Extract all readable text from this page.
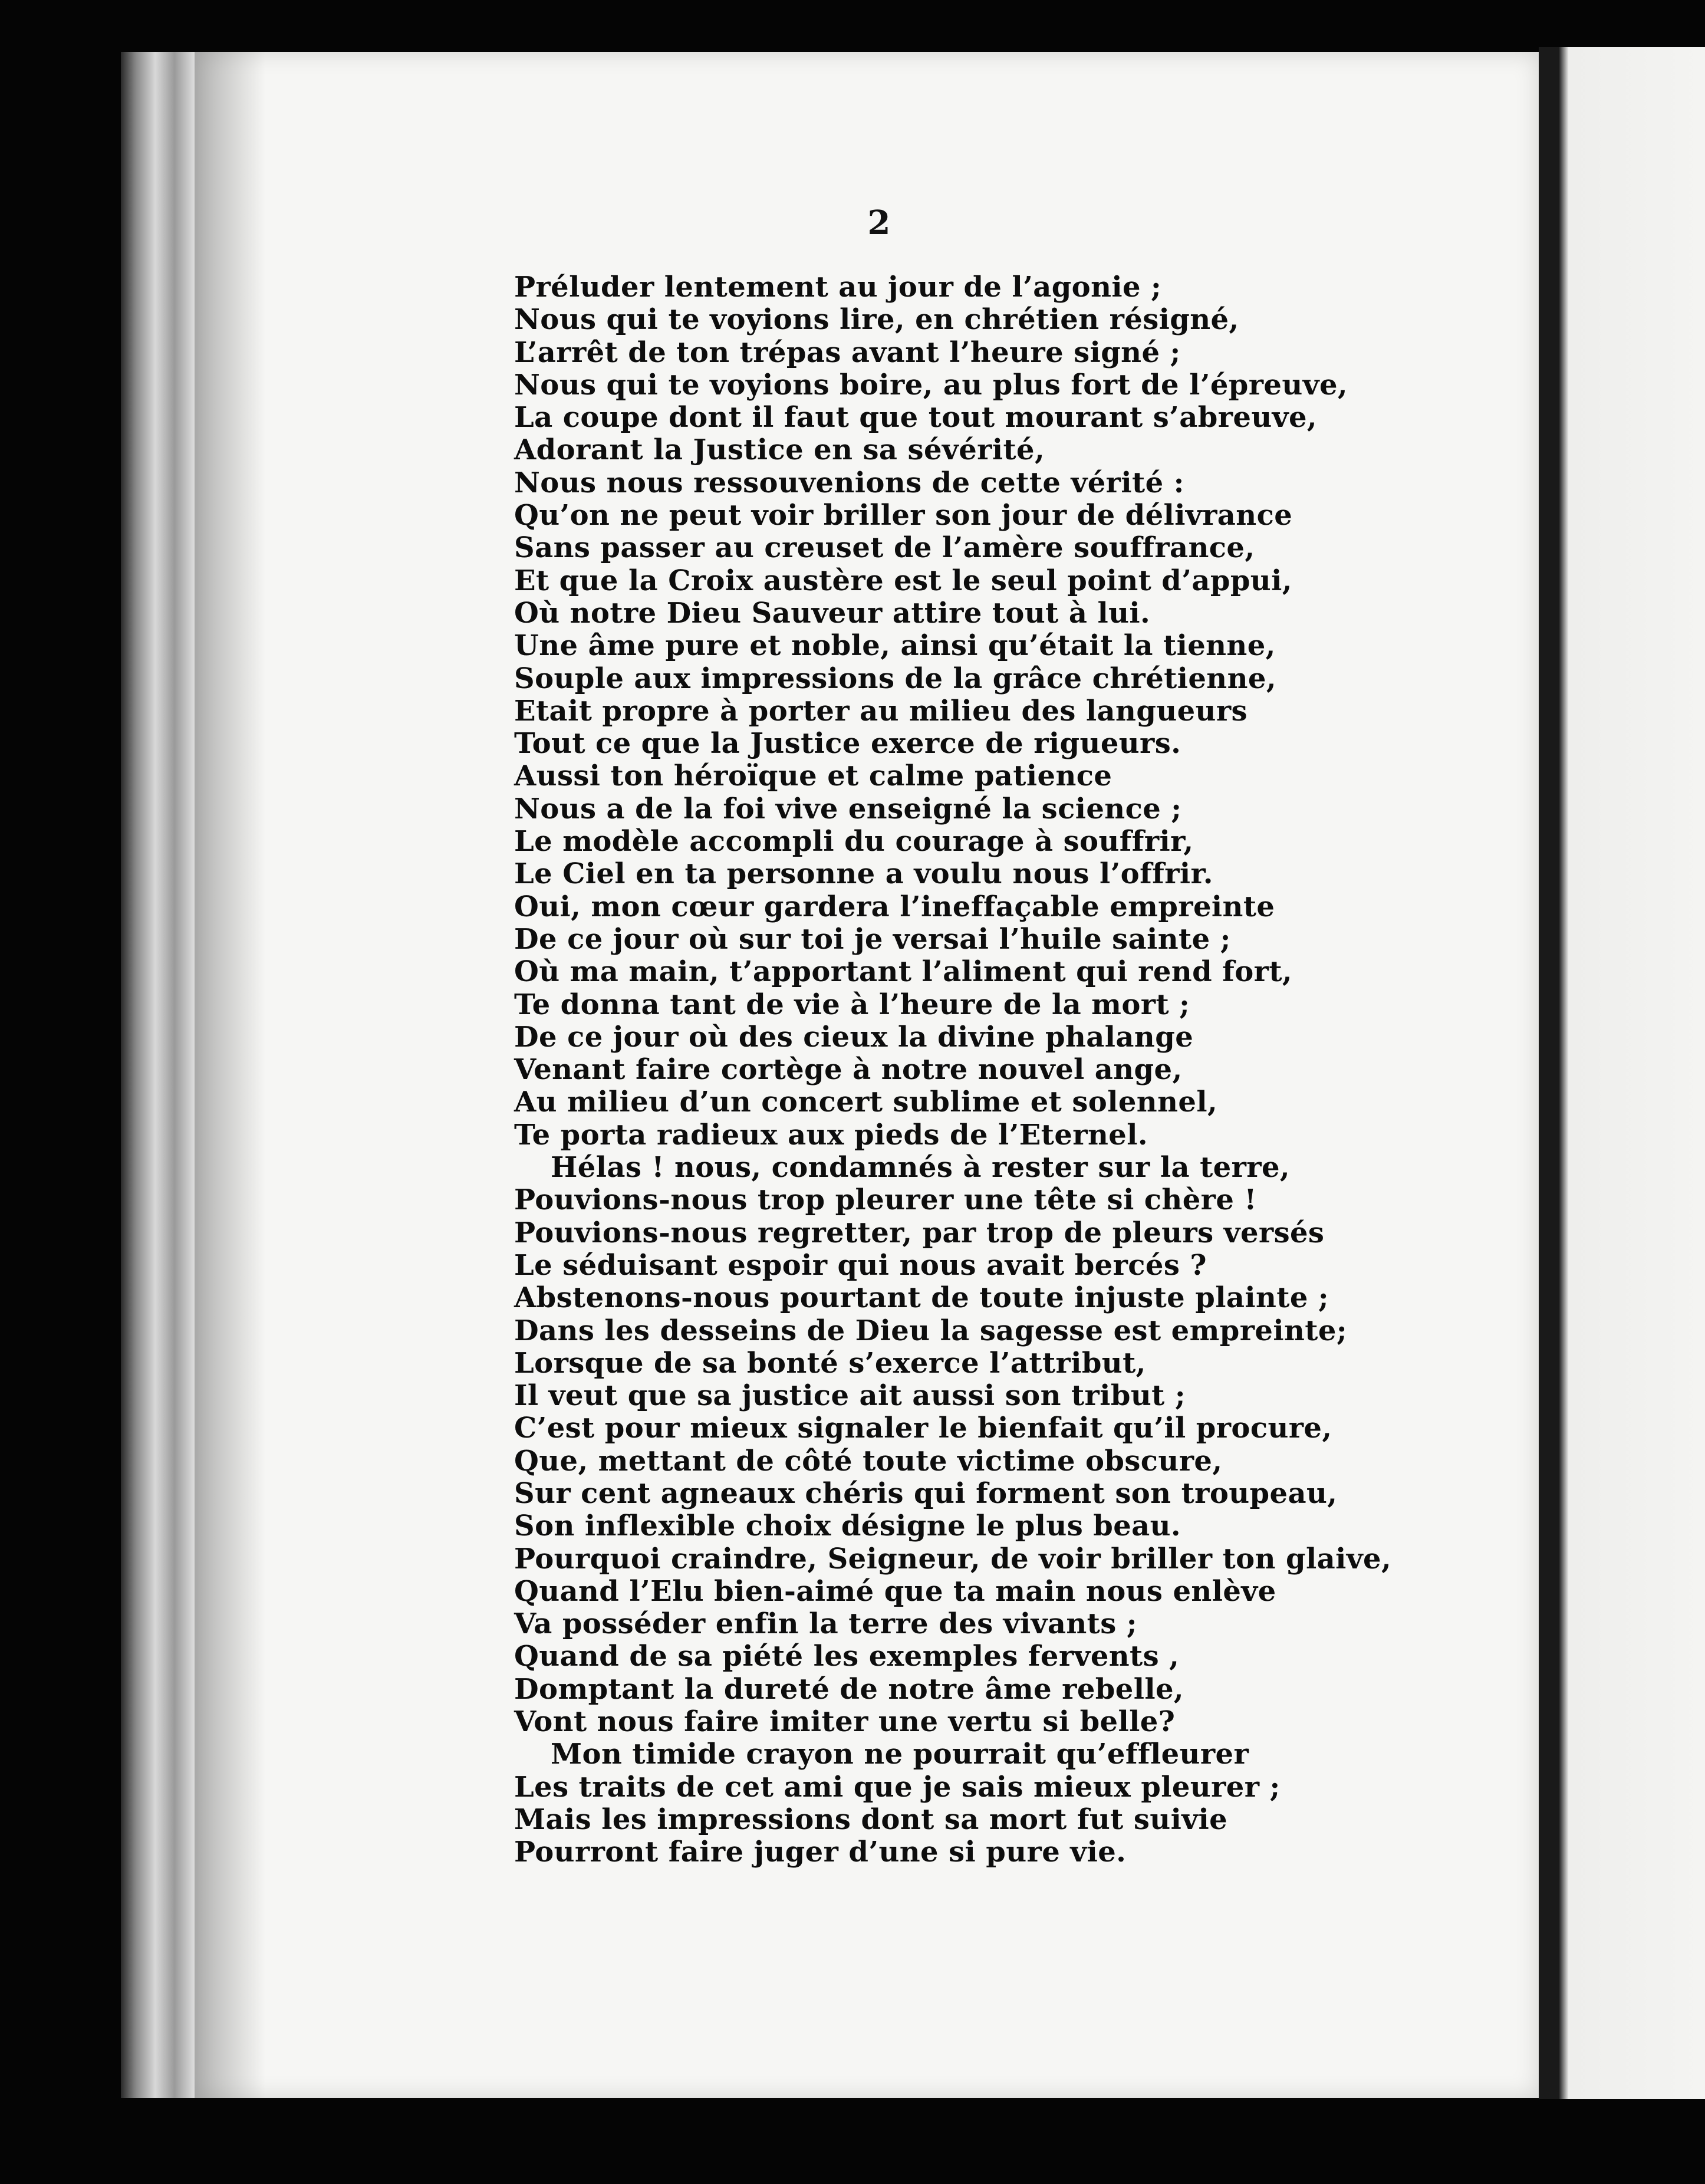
2
Préluder lentement au jour de l’agonie ;
Nous qui te voyions lire, en chrétien résigné,
L’arrêt de ton trépas avant l’heure signé ;
Nous qui te voyions boire, au plus fort de l’épreuve,
La coupe dont il faut que tout mourant s’abreuve,
Adorant la Justice en sa sévérité,
Nous nous ressouvenions de cette vérité :
Qu’on ne peut voir briller son jour de délivrance
Sans passer au creuset de l’amère souffrance,
Et que la Croix austère est le seul point d’appui,
Où notre Dieu Sauveur attire tout à lui.
Une âme pure et noble, ainsi qu’était la tienne,
Souple aux impressions de la grâce chrétienne,
Etait propre à porter au milieu des langueurs
Tout ce que la Justice exerce de rigueurs.
Aussi ton héroïque et calme patience
Nous a de la foi vive enseigné la science ;
Le modèle accompli du courage à souffrir,
Le Ciel en ta personne a voulu nous l’offrir.
Oui, mon cœur gardera l’ineffaçable empreinte
De ce jour où sur toi je versai l’huile sainte ;
Où ma main, t’apportant l’aliment qui rend fort,
Te donna tant de vie à l’heure de la mort ;
De ce jour où des cieux la divine phalange
Venant faire cortège à notre nouvel ange,
Au milieu d’un concert sublime et solennel,
Te porta radieux aux pieds de l’Eternel.
Hélas ! nous, condamnés à rester sur la terre,
Pouvions-nous trop pleurer une tête si chère !
Pouvions-nous regretter, par trop de pleurs versés
Le séduisant espoir qui nous avait bercés ?
Abstenons-nous pourtant de toute injuste plainte ;
Dans les desseins de Dieu la sagesse est empreinte;
Lorsque de sa bonté s’exerce l’attribut,
Il veut que sa justice ait aussi son tribut ;
C’est pour mieux signaler le bienfait qu’il procure,
Que, mettant de côté toute victime obscure,
Sur cent agneaux chéris qui forment son troupeau,
Son inflexible choix désigne le plus beau.
Pourquoi craindre, Seigneur, de voir briller ton glaive,
Quand l’Elu bien-aimé que ta main nous enlève
Va posséder enfin la terre des vivants ;
Quand de sa piété les exemples fervents ,
Domptant la dureté de notre âme rebelle,
Vont nous faire imiter une vertu si belle?
Mon timide crayon ne pourrait qu’effleurer
Les traits de cet ami que je sais mieux pleurer ;
Mais les impressions dont sa mort fut suivie
Pourront faire juger d’une si pure vie.
